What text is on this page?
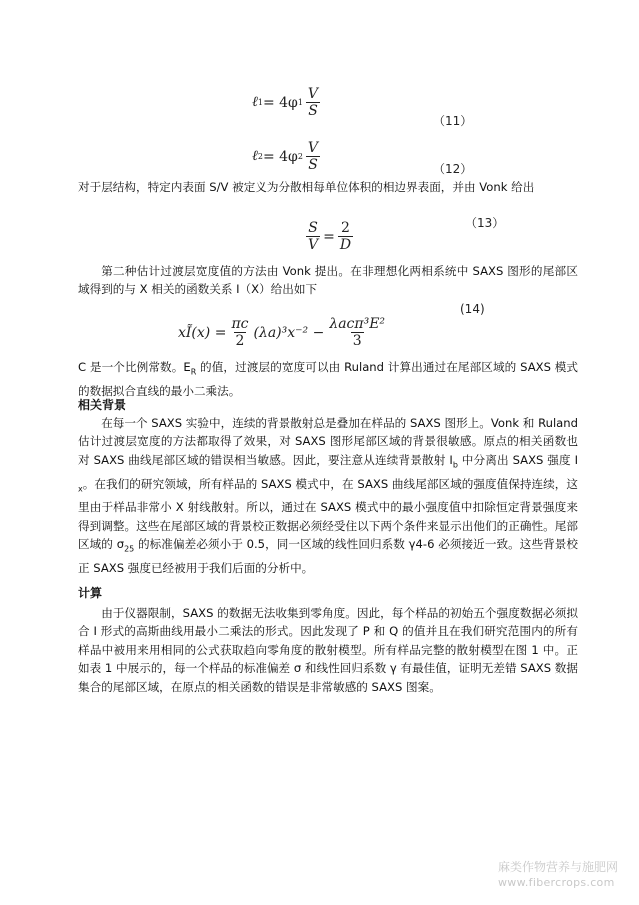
ℓ 1 = 4φ $1 \frac{V}{S}$
（11）
ℓ 2 = 4φ $2 \frac{V}{S}$	（12）
对于层结构，特定内表面 S/V 被定义为分散相每单位体积的相边界表面，并由 Vonk 给出
$\frac{S}{V} = \frac{2}{D}$	（13）
第二种估计过渡层宽度值的方法由 Vonk 提出。在非理想化两相系统中 SAXS 图形的尾部区域得到的与 X 相关的函数关系 I（X）给出如下
xĨ(x) = $\frac{\pi c}{2} (\lambda a)^3x^{-2} - \frac{\text{λacπ³E²}}{3}$
(14)
C 是一个比例常数。$E_R$ 的值，过渡层的宽度可以由 Ruland 计算出通过在尾部区域的 SAXS 模式的数据拟合直线的最小二乘法。
相关背景
在每一个 SAXS 实验中，连续的背景散射总是叠加在样品的 SAXS 图形上。Vonk 和 Ruland 估计过渡层宽度的方法都取得了效果，对 SAXS 图形尾部区域的背景很敏感。原点的相关函数也对 SAXS 曲线尾部区域的错误相当敏感。因此，要注意从连续背景散射 $I_b$ 中分离出 SAXS 强度 $I_x$。在我们的研究领域，所有样品的 SAXS 模式中，在 SAXS 曲线尾部区域的强度值保持连续，这里由于样品非常小 X 射线散射。所以，通过在 SAXS 模式中的最小强度值中扣除恒定背景强度来得到调整。这些在尾部区域的背景校正数据必须经受住以下两个条件来显示出他们的正确性。尾部区域的 $\sigma_{25}$ 的标准偏差必须小于 0.5，同一区域的线性回归系数 γ4-6 必须接近一致。这些背景校正 SAXS 强度已经被用于我们后面的分析中。
计算
由于仪器限制，SAXS 的数据无法收集到零角度。因此，每个样品的初始五个强度数据必须拟合 I 形式的高斯曲线用最小二乘法的形式。因此发现了 P 和 Q 的值并且在我们研究范围内的所有样品中被用来用相同的公式获取趋向零角度的散射模型。所有样品完整的散射模型在图 1 中。正如表 1 中展示的，每一个样品的标准偏差 σ 和线性回归系数 γ 有最佳值，证明无差错 SAXS 数据集合的尾部区域，在原点的相关函数的错误是非常敏感的 SAXS 图案。
麻类作物营养与施肥网
www.fibercrops.com
